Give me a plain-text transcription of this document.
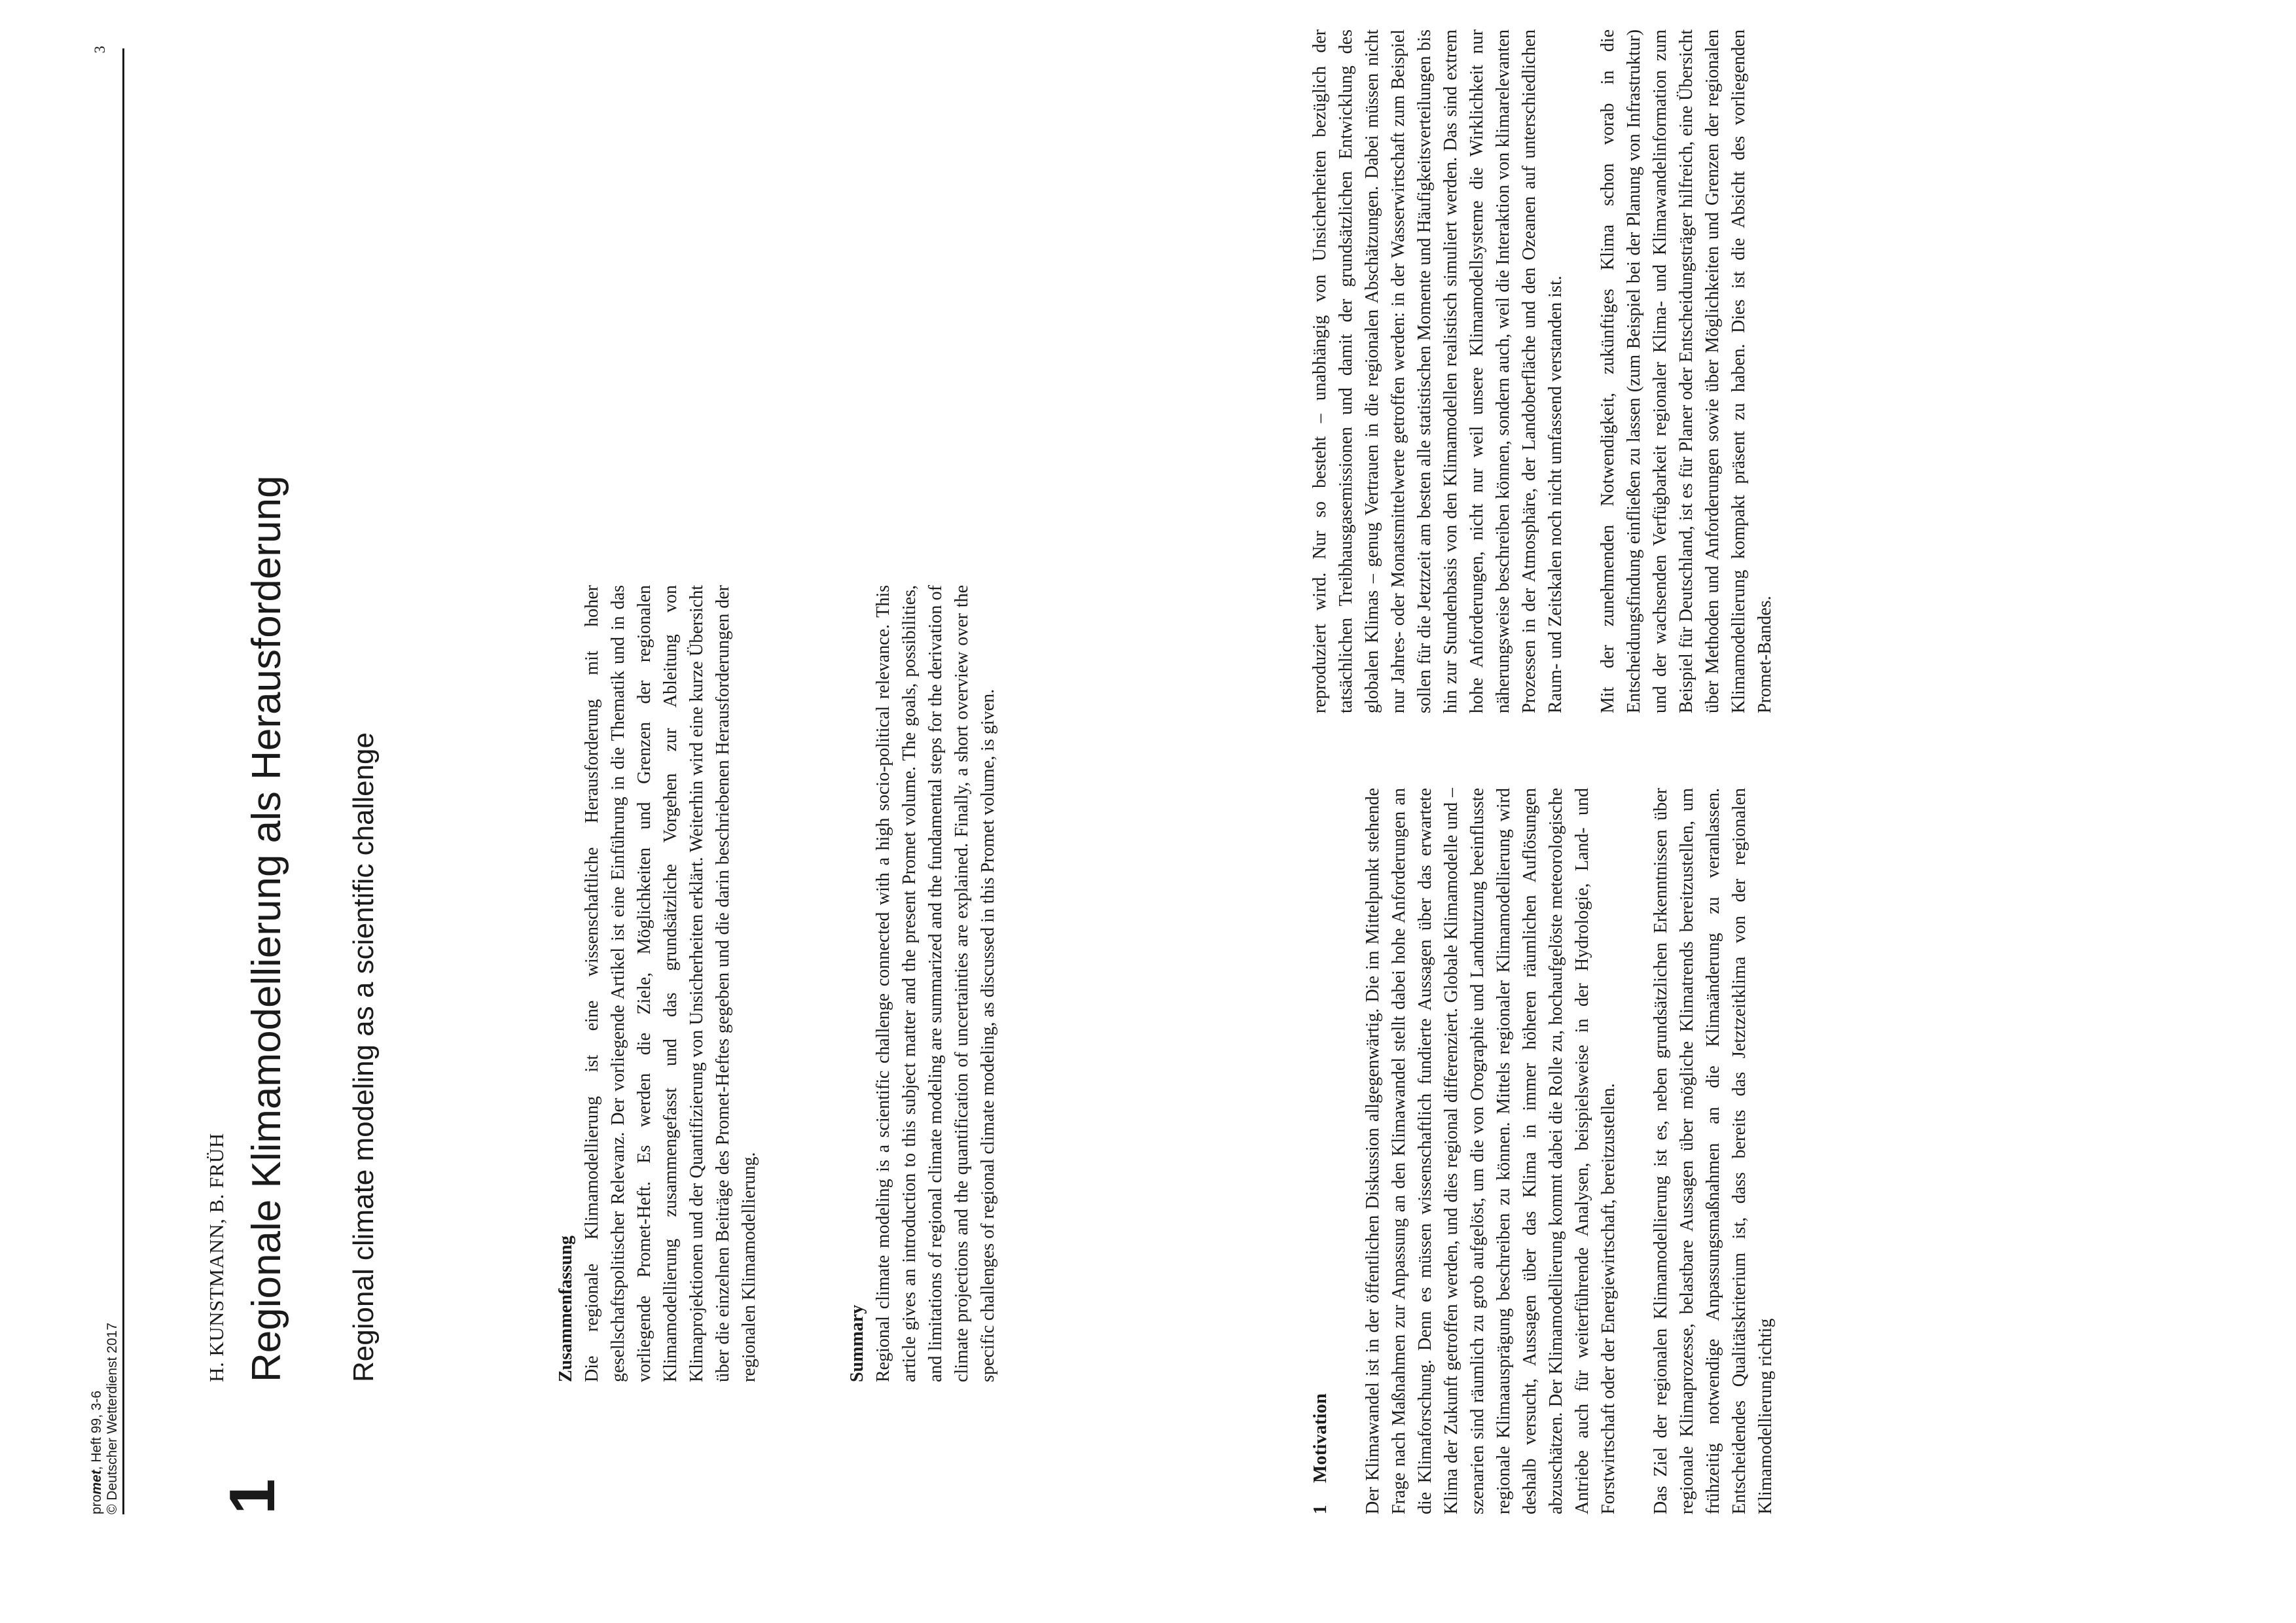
promet, Heft 99, 3-6 © Deutscher Wetterdienst 2017
3
1
H. KUNSTMANN, B. FRÜH Regionale Klimamodellierung als Herausforderung Regional climate modeling as a scientific challenge	Zusammenfassung Die regionale Klimamodellierung ist eine wissenschaftliche Herausforderung mit hoher gesellschaftspolitischer Relevanz. Der vorliegende Artikel ist eine Einführung in die Thematik und in das vorliegende Promet-Heft. Es werden die Ziele, Möglichkeiten und Grenzen der regionalen Klimamodellierung zusammengefasst und das grundsätzliche Vorgehen zur Ableitung von Klimaprojektionen und der Quantifizierung von Unsicherheiten erklärt. Weiterhin wird eine kurze Übersicht über die einzelnen Beiträge des Promet-Heftes gegeben und die darin beschriebenen Herausforderungen der regionalen Klimamodellierung.	Summary Regional climate modeling is a scientific challenge connected with a high socio-political relevance. This article gives an introduction to this subject matter and the present Promet volume. The goals, possibilities, and limitations of regional climate modeling are summarized and the fundamental steps for the derivation of climate projections and the quantification of uncertainties are explained. Finally, a short overview over the specific challenges of regional climate modeling, as discussed in this Promet volume, is given.

1Motivation Der Klimawandel ist in der öffentlichen Diskussion allgegenwärtig. Die im Mittelpunkt stehende Frage nach Maßnahmen zur Anpassung an den Klimawandel stellt dabei hohe Anforderungen an die Klimaforschung. Denn es müssen wissenschaftlich fundierte Aussagen über das erwartete Klima der Zukunft getroffen werden, und dies regional differenziert. Globale Klimamodelle und –szenarien sind räumlich zu grob aufgelöst, um die von Orographie und Landnutzung beeinflusste regionale Klimaausprägung beschreiben zu können. Mittels regionaler Klimamodellierung wird deshalb versucht, Aussagen über das Klima in immer höheren räumlichen Auflösungen abzuschätzen. Der Klimamodellierung kommt dabei die Rolle zu, hochaufgelöste meteorologische Antriebe auch für weiterführende Analysen, beispielsweise in der Hydrologie, Land- und Forstwirtschaft oder der Energiewirtschaft, bereitzustellen. Das Ziel der regionalen Klimamodellierung ist es, neben grundsätzlichen Erkenntnissen über regionale Klimaprozesse, belastbare Aussagen über mögliche Klimatrends bereitzustellen, um frühzeitig notwendige Anpassungsmaßnahmen an die Klimaänderung zu veranlassen. Entscheidendes Qualitätskriterium ist, dass bereits das Jetztzeitklima von der regionalen Klimamodellierung richtig

reproduziert wird. Nur so besteht – unabhängig von Unsicherheiten bezüglich der tatsächlichen Treibhausgasemissionen und damit der grundsätzlichen Entwicklung des globalen Klimas – genug Vertrauen in die regionalen Abschätzungen. Dabei müssen nicht nur Jahres- oder Monatsmittelwerte getroffen werden: in der Wasserwirtschaft zum Beispiel sollen für die Jetztzeit am besten alle statistischen Momente und Häufigkeitsverteilungen bis hin zur Stundenbasis von den Klimamodellen realistisch simuliert werden. Das sind extrem hohe Anforderungen, nicht nur weil unsere Klimamodellsysteme die Wirklichkeit nur näherungsweise beschreiben können, sondern auch, weil die Interaktion von klimarelevanten Prozessen in der Atmosphäre, der Landoberfläche und den Ozeanen auf unterschiedlichen Raum- und Zeitskalen noch nicht umfassend verstanden ist. Mit der zunehmenden Notwendigkeit, zukünftiges Klima schon vorab in die Entscheidungsfindung einfließen zu lassen (zum Beispiel bei der Planung von Infrastruktur) und der wachsenden Verfügbarkeit regionaler Klima- und Klimawandelinformation zum Beispiel für Deutschland, ist es für Planer oder Entscheidungsträger hilfreich, eine Übersicht über Methoden und Anforderungen sowie über Möglichkeiten und Grenzen der regionalen Klimamodellierung kompakt präsent zu haben. Dies ist die Absicht des vorliegenden Promet-Bandes.
